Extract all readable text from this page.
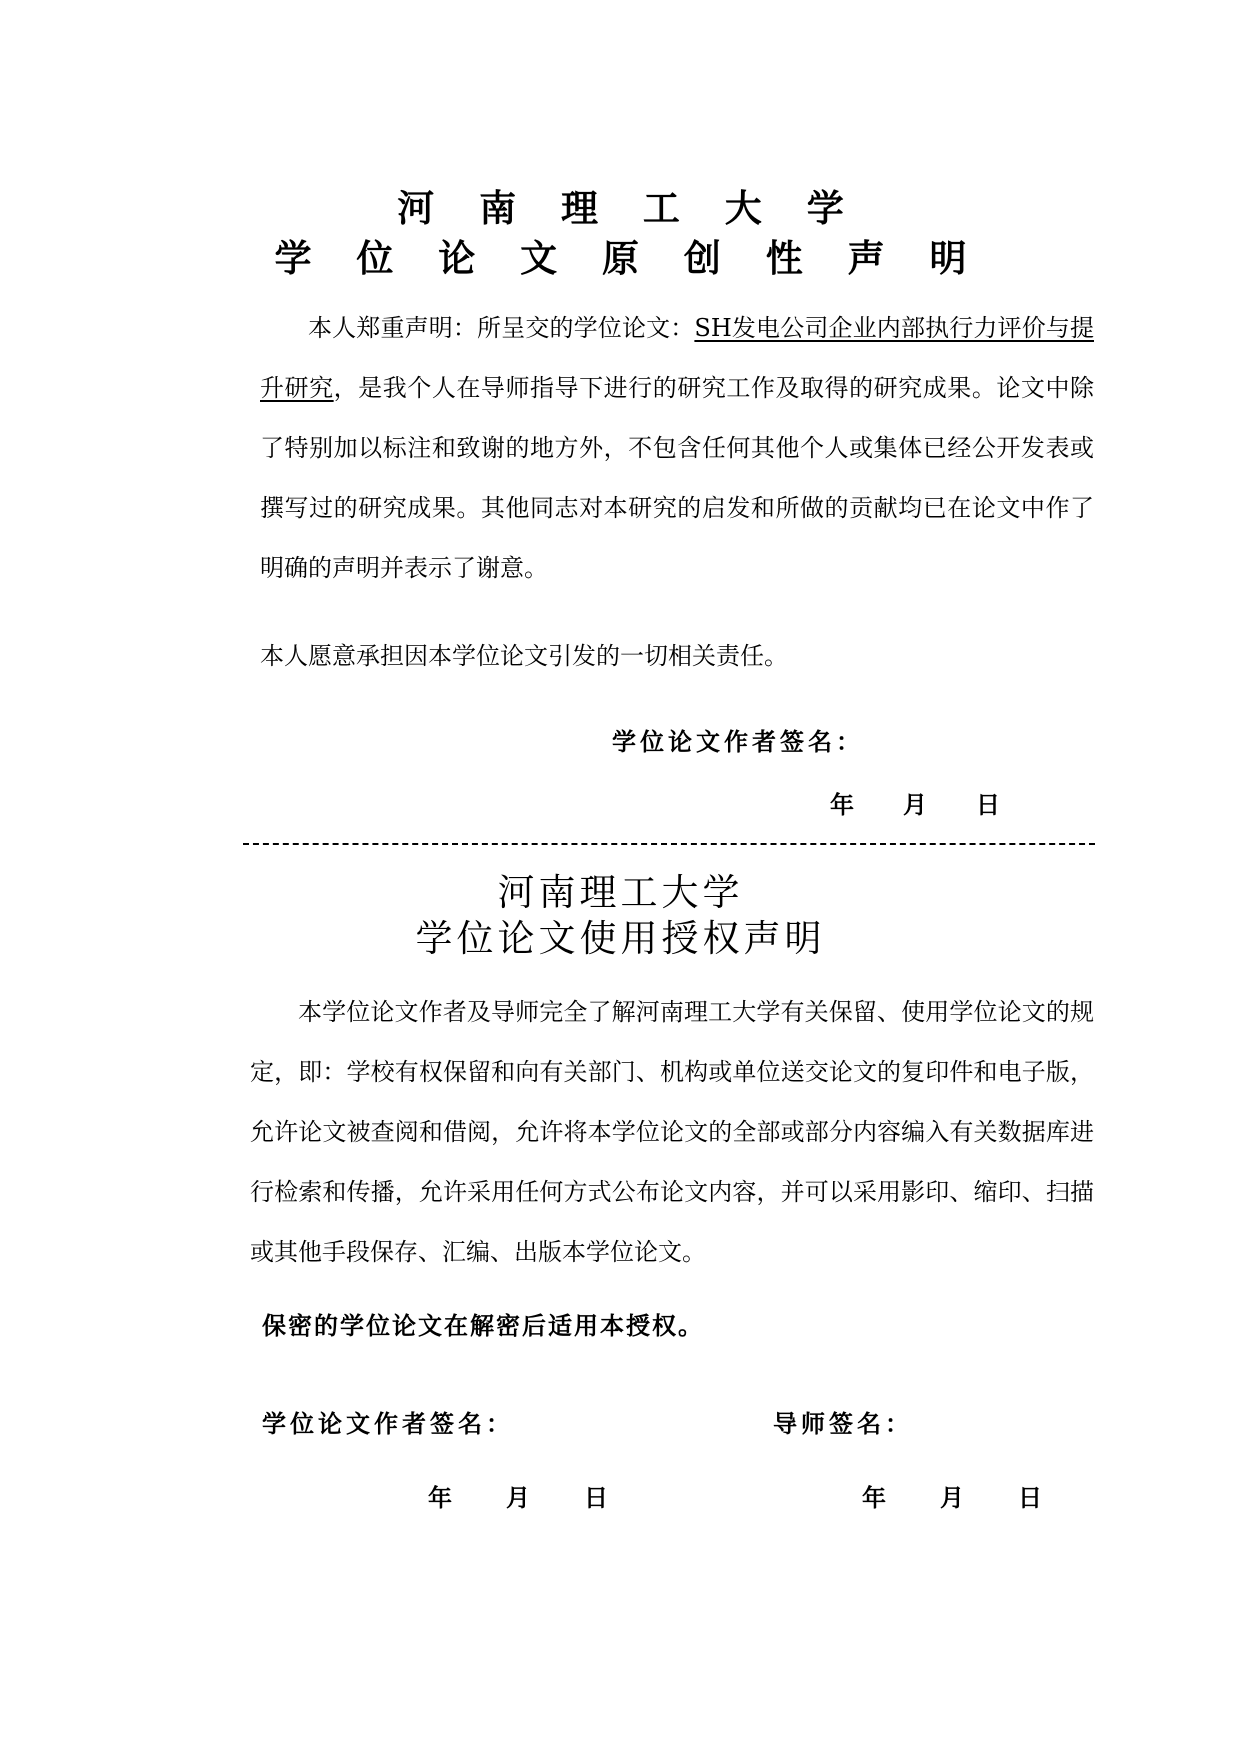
河 南 理 工 大 学
学 位 论 文 原 创 性 声 明
本人郑重声明：所呈交的学位论文：SH发电公司企业内部执行力评价与提升研究，是我个人在导师指导下进行的研究工作及取得的研究成果。论文中除了特别加以标注和致谢的地方外，不包含任何其他个人或集体已经公开发表或撰写过的研究成果。其他同志对本研究的启发和所做的贡献均已在论文中作了明确的声明并表示了谢意。
本人愿意承担因本学位论文引发的一切相关责任。
学位论文作者签名：
年 月 日
河南理工大学
学位论文使用授权声明
本学位论文作者及导师完全了解河南理工大学有关保留、使用学位论文的规定，即：学校有权保留和向有关部门、机构或单位送交论文的复印件和电子版，允许论文被查阅和借阅，允许将本学位论文的全部或部分内容编入有关数据库进行检索和传播，允许采用任何方式公布论文内容，并可以采用影印、缩印、扫描或其他手段保存、汇编、出版本学位论文。
保密的学位论文在解密后适用本授权。
学位论文作者签名：	导师签名：
年 月 日	年 月 日
